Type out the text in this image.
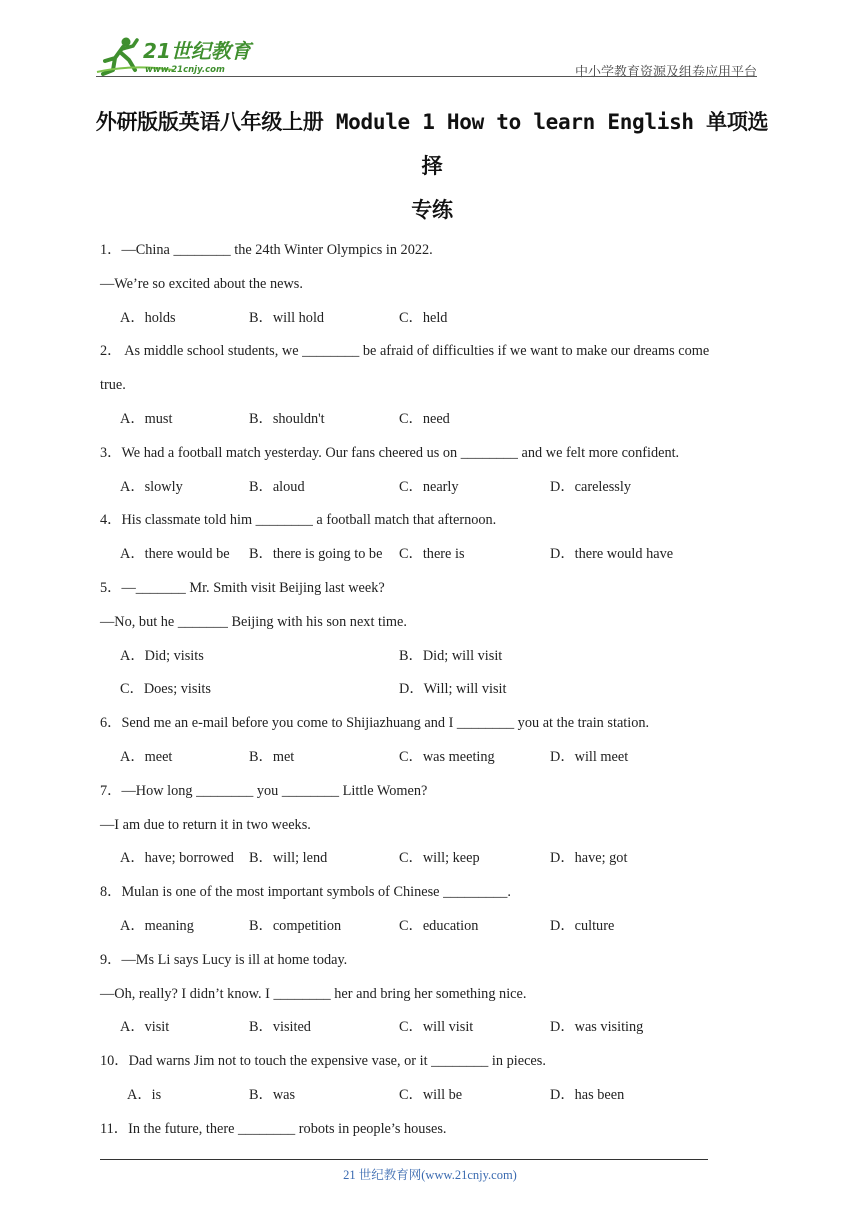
21世纪教育
www.21cnjy.com	中小学教育资源及组卷应用平台
外研版版英语八年级上册 Module 1 How to learn English 单项选择
专练
1．—China ________ the 24th Winter Olympics in 2022.
—We’re so excited about the news.
A．holds	B．will hold	C．held
2． As middle school students, we ________ be afraid of difficulties if we want to make our dreams come
true.
A．must	B．shouldn't	C．need
3．We had a football match yesterday. Our fans cheered us on ________ and we felt more confident.
A．slowly	B．aloud	C．nearly	D．carelessly
4．His classmate told him ________ a football match that afternoon.
A．there would be B．there is going to be C．there is	D．there would have
5．—_______ Mr. Smith visit Beijing last week?
—No, but he _______ Beijing with his son next time.
A．Did; visits	B．Did; will visit
C．Does; visits	D．Will; will visit
6．Send me an e-mail before you come to Shijiazhuang and I ________ you at the train station.
A．meet	B．met	C．was meeting	D．will meet
7．—How long ________ you ________ Little Women?
—I am due to return it in two weeks.
A．have; borrowed B．will; lend	C．will; keep	D．have; got
8．Mulan is one of the most important symbols of Chinese _________.
A．meaning	B．competition	C．education	D．culture
9．—Ms Li says Lucy is ill at home today.
—Oh, really? I didn’t know. I ________ her and bring her something nice.
A．visit	B．visited	C．will visit	D．was visiting
10．Dad warns Jim not to touch the expensive vase, or it ________ in pieces.
A．is	B．was	C．will be	D．has been
11．In the future, there ________ robots in people’s houses.
21 世纪教育网(www.21cnjy.com)
